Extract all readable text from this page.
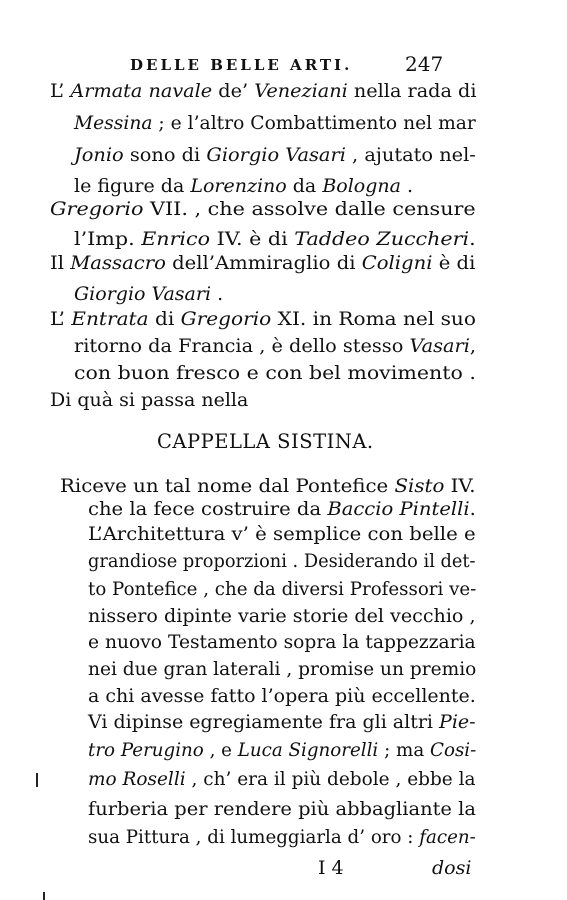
DELLE BELLE ARTI.	247
L’ Armata navale de’ Veneziani nella rada di
Messina ; e l’altro Combattimento nel mar
Jonio sono di Giorgio Vasari , ajutato nel-
le figure da Lorenzino da Bologna .
Gregorio VII. , che assolve dalle censure
l’Imp. Enrico IV. è di Taddeo Zuccheri.
Il Massacro dell’Ammiraglio di Coligni è di
Giorgio Vasari .
L’ Entrata di Gregorio XI. in Roma nel suo
ritorno da Francia , è dello stesso Vasari,
con buon fresco e con bel movimento .
Di quà si passa nella
CAPPELLA SISTINA.
Riceve un tal nome dal Pontefice Sisto IV.
che la fece costruire da Baccio Pintelli.
L’Architettura v’ è semplice con belle e
grandiose proporzioni . Desiderando il det-
to Pontefice , che da diversi Professori ve-
nissero dipinte varie storie del vecchio ,
e nuovo Testamento sopra la tappezzaria
nei due gran laterali , promise un premio
a chi avesse fatto l’opera più eccellente.
Vi dipinse egregiamente fra gli altri Pie-
tro Perugino , e Luca Signorelli ; ma Cosi-
mo Roselli , ch’ era il più debole , ebbe la
furberia per rendere più abbagliante la
sua Pittura , di lumeggiarla d’ oro : facen-
I 4	dosi
